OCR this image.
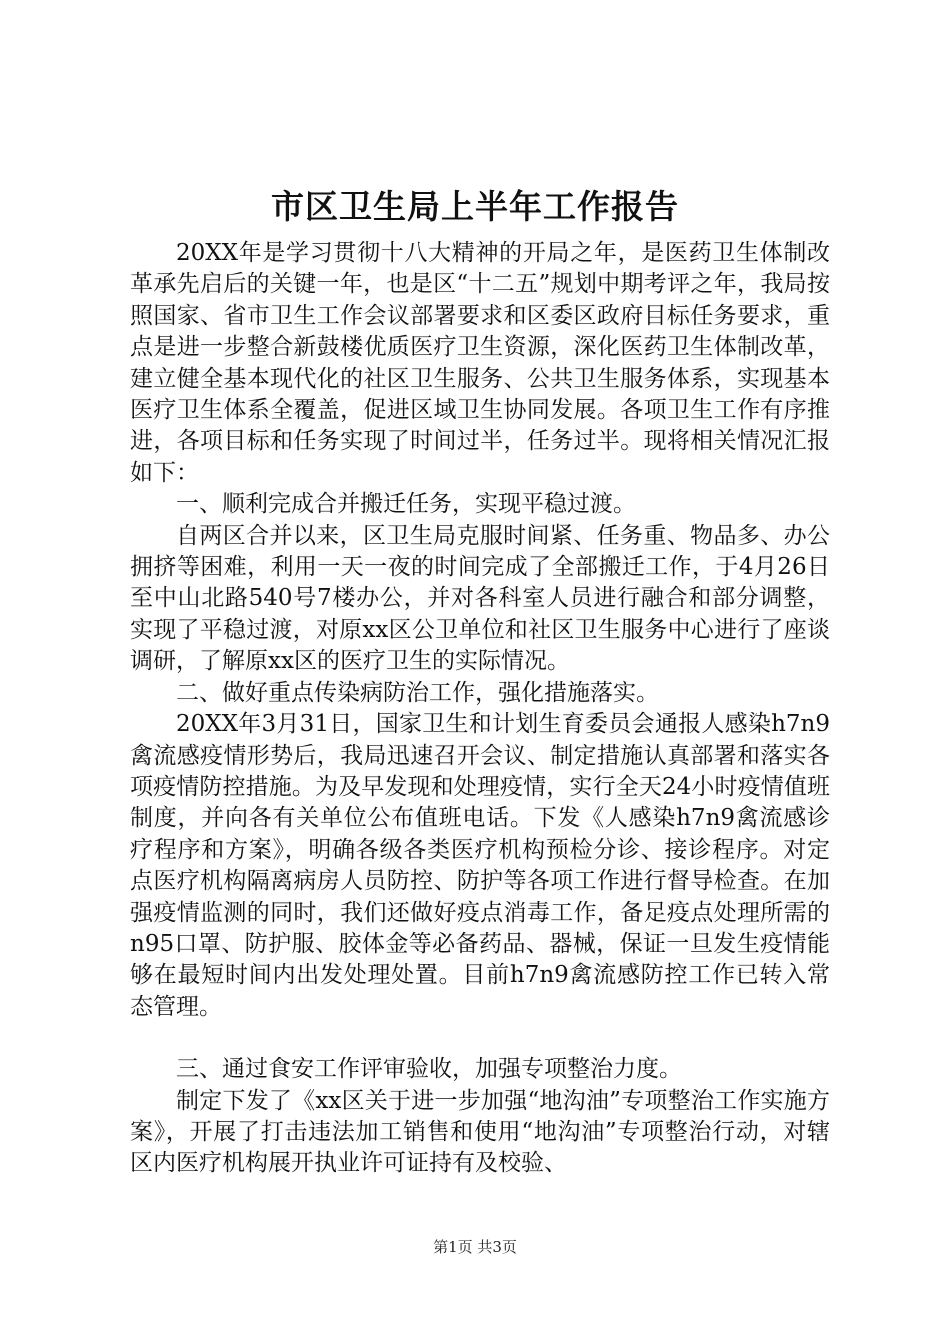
市区卫生局上半年工作报告

20XX年是学习贯彻十八大精神的开局之年，是医药卫生体制改革承先启后的关键一年，也是区“十二五”规划中期考评之年，我局按照国家、省市卫生工作会议部署要求和区委区政府目标任务要求，重点是进一步整合新鼓楼优质医疗卫生资源，深化医药卫生体制改革，建立健全基本现代化的社区卫生服务、公共卫生服务体系，实现基本医疗卫生体系全覆盖，促进区域卫生协同发展。各项卫生工作有序推进，各项目标和任务实现了时间过半，任务过半。现将相关情况汇报如下：

一、顺利完成合并搬迁任务，实现平稳过渡。

自两区合并以来，区卫生局克服时间紧、任务重、物品多、办公拥挤等困难，利用一天一夜的时间完成了全部搬迁工作，于4月26日至中山北路540号7楼办公，并对各科室人员进行融合和部分调整，实现了平稳过渡，对原xx区公卫单位和社区卫生服务中心进行了座谈调研，了解原xx区的医疗卫生的实际情况。

二、做好重点传染病防治工作，强化措施落实。

20XX年3月31日，国家卫生和计划生育委员会通报人感染h7n9禽流感疫情形势后，我局迅速召开会议、制定措施认真部署和落实各项疫情防控措施。为及早发现和处理疫情，实行全天24小时疫情值班制度，并向各有关单位公布值班电话。下发《人感染h7n9禽流感诊疗程序和方案》，明确各级各类医疗机构预检分诊、接诊程序。对定点医疗机构隔离病房人员防控、防护等各项工作进行督导检查。在加强疫情监测的同时，我们还做好疫点消毒工作，备足疫点处理所需的n95口罩、防护服、胶体金等必备药品、器械，保证一旦发生疫情能够在最短时间内出发处理处置。目前h7n9禽流感防控工作已转入常态管理。

三、通过食安工作评审验收，加强专项整治力度。

制定下发了《xx区关于进一步加强“地沟油”专项整治工作实施方案》，开展了打击违法加工销售和使用“地沟油”专项整治行动，对辖区内医疗机构展开执业许可证持有及校验、

第1页 共3页
